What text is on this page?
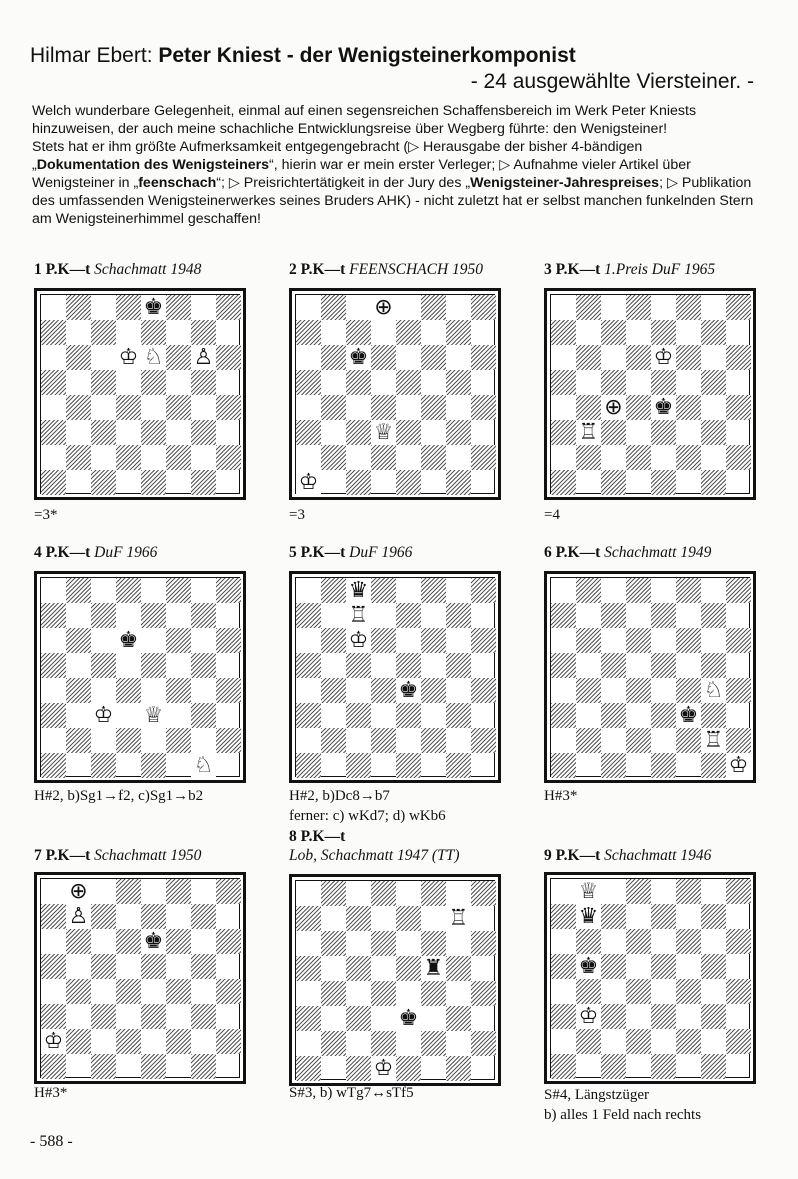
Hilmar Ebert: Peter Kniest - der Wenigsteinerkomponist
- 24 ausgewählte Viersteiner. -

Welch wunderbare Gelegenheit, einmal auf einen segensreichen Schaffensbereich im Werk Peter Kniests hinzuweisen, der auch meine schachliche Entwicklungsreise über Wegberg führte: den Wenigsteiner!

Stets hat er ihm größte Aufmerksamkeit entgegengebracht (▷ Herausgabe der bisher 4-bändigen „Dokumentation des Wenigsteiners“, hierin war er mein erster Verleger; ▷ Aufnahme vieler Artikel über Wenigsteiner in „feenschach“; ▷ Preisrichtertätigkeit in der Jury des „Wenigsteiner-Jahrespreises; ▷ Publikation des umfassenden Wenigsteinerwerkes seines Bruders AHK) - nicht zuletzt hat er selbst manchen funkelnden Stern am Wenigsteinerhimmel geschaffen!

1 P.K—t Schachmatt 1948
♚
♔ ♘ ♙
=3*
2 P.K—t FEENSCHACH 1950
⊕
♚
♕
♔
=3
3 P.K—t 1.Preis DuF 1965
♔
⊕ ♚
♖
=4
4 P.K—t DuF 1966
♚
♔ ♕
♘
H#2, b)Sg1→f2, c)Sg1→b2
5 P.K—t DuF 1966
♛
♖
♔
♚
H#2, b)Dc8→b7
ferner: c) wKd7; d) wKb6
6 P.K—t Schachmatt 1949
♘
♚
♖
♔
H#3*
7 P.K—t Schachmatt 1950
⊕
♙
♚
♔
H#3*
8 P.K—t
Lob, Schachmatt 1947 (TT)
♖
♜
♚
♔
S#3, b) wTg7↔sTf5
9 P.K—t Schachmatt 1946
♕
♛
♚
♔
S#4, Längstzüger
b) alles 1 Feld nach rechts
- 588 -
